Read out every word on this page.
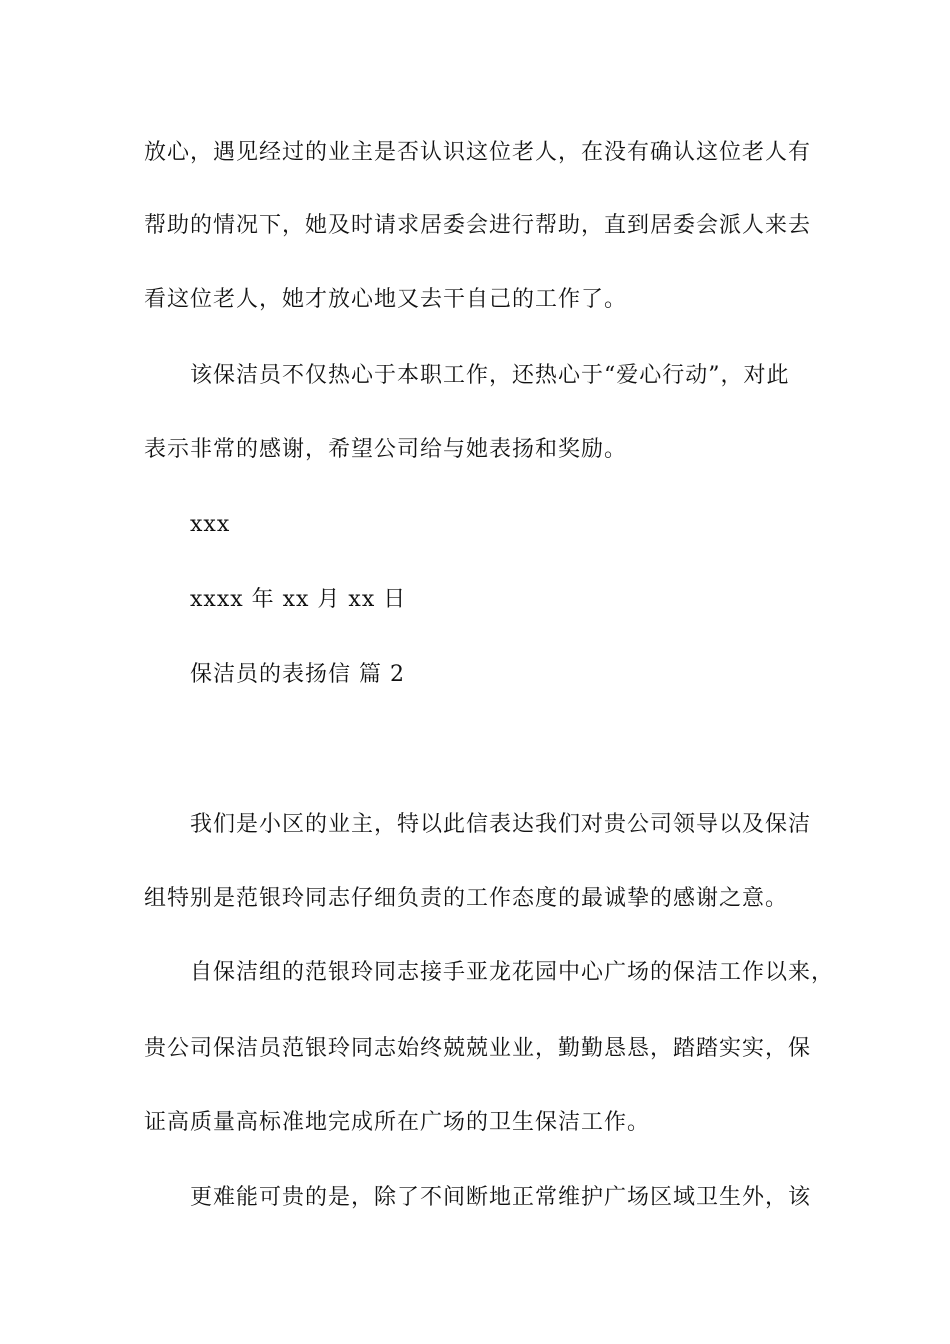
放心，遇见经过的业主是否认识这位老人，在没有确认这位老人有
帮助的情况下，她及时请求居委会进行帮助，直到居委会派人来去
看这位老人，她才放心地又去干自己的工作了。
该保洁员不仅热心于本职工作，还热心于“爱心行动”，对此
表示非常的感谢，希望公司给与她表扬和奖励。
xxx
xxxx 年 xx 月 xx 日
保洁员的表扬信 篇 2
我们是小区的业主，特以此信表达我们对贵公司领导以及保洁
组特别是范银玲同志仔细负责的工作态度的最诚挚的感谢之意。
自保洁组的范银玲同志接手亚龙花园中心广场的保洁工作以来，
贵公司保洁员范银玲同志始终兢兢业业，勤勤恳恳，踏踏实实，保
证高质量高标准地完成所在广场的卫生保洁工作。
更难能可贵的是，除了不间断地正常维护广场区域卫生外，该
